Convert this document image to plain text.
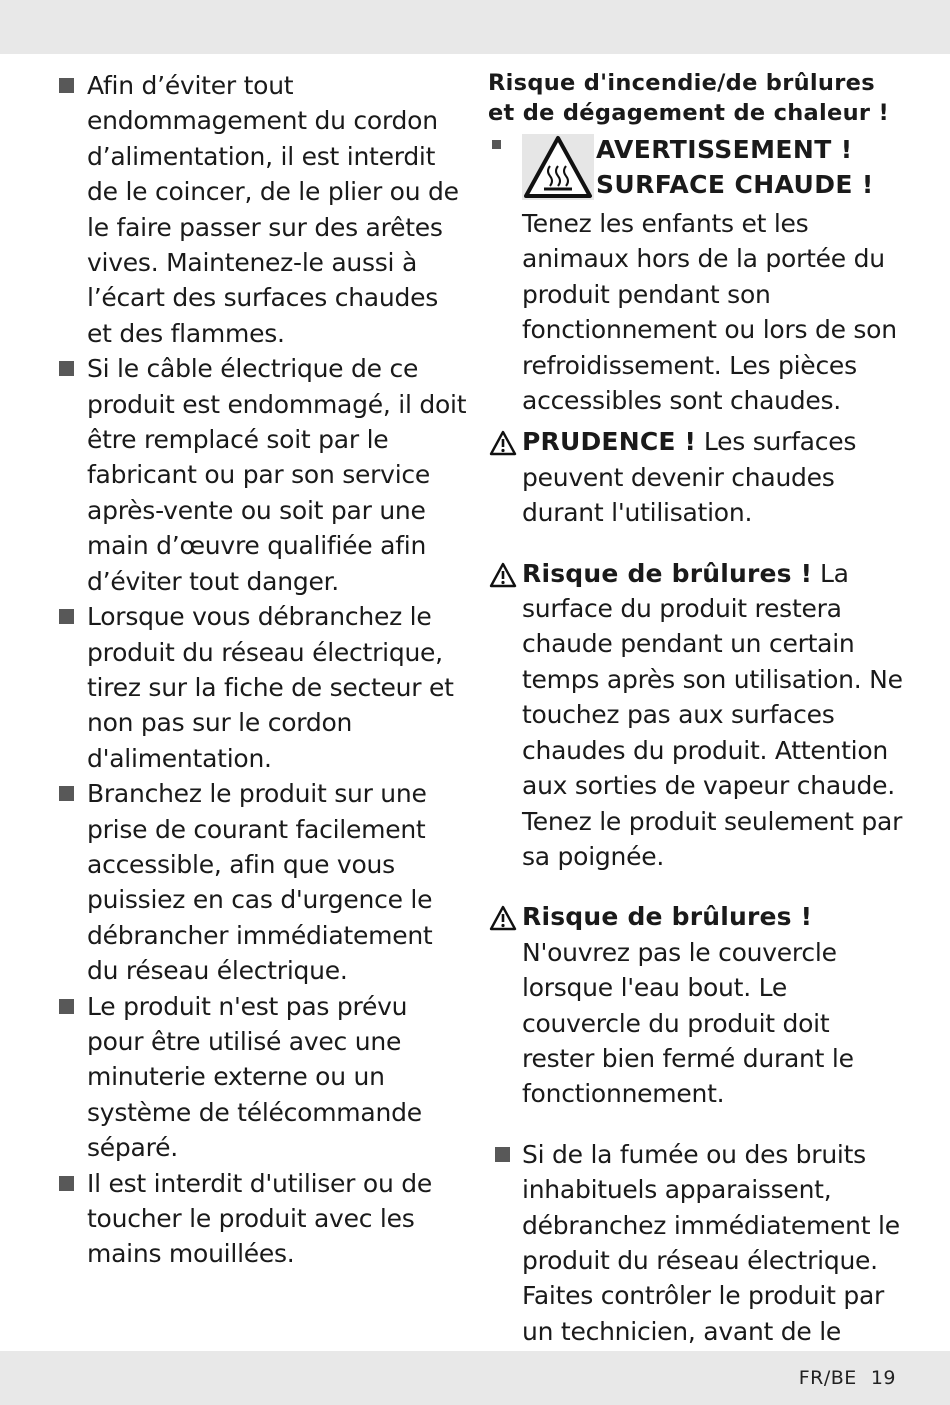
Afin d’éviter tout endommagement du cordon d’alimentation, il est interdit de le coincer, de le plier ou de le faire passer sur des arêtes vives. Maintenez-le aussi à l’écart des surfaces chaudes et des flammes.

Si le câble électrique de ce produit est endommagé, il doit être remplacé soit par le fabricant ou par son service après-vente ou soit par une main d’œuvre qualifiée afin d’éviter tout danger.

Lorsque vous débranchez le produit du réseau électrique, tirez sur la fiche de secteur et non pas sur le cordon d'alimentation.

Branchez le produit sur une prise de courant facilement accessible, afin que vous puissiez en cas d'urgence le débrancher immédiatement du réseau électrique.

Le produit n'est pas prévu pour être utilisé avec une minuterie externe ou un système de télécommande séparé.

Il est interdit d'utiliser ou de toucher le produit avec les mains mouillées.

Risque d'incendie/de brûlures
et de dégagement de chaleur !
AVERTISSEMENT !
SURFACE CHAUDE !

Tenez les enfants et les animaux hors de la portée du produit pendant son fonctionnement ou lors de son refroidissement. Les pièces accessibles sont chaudes.

PRUDENCE ! Les surfaces peuvent devenir chaudes durant l'utilisation.

Risque de brûlures ! La surface du produit restera chaude pendant un certain temps après son utilisation. Ne touchez pas aux surfaces chaudes du produit. Attention aux sorties de vapeur chaude. Tenez le produit seulement par sa poignée.

Risque de brûlures ! N'ouvrez pas le couvercle lorsque l'eau bout. Le couvercle du produit doit rester bien fermé durant le fonctionnement.

Si de la fumée ou des bruits inhabituels apparaissent, débranchez immédiatement le produit du réseau électrique. Faites contrôler le produit par un technicien, avant de le

FR/BE 19
